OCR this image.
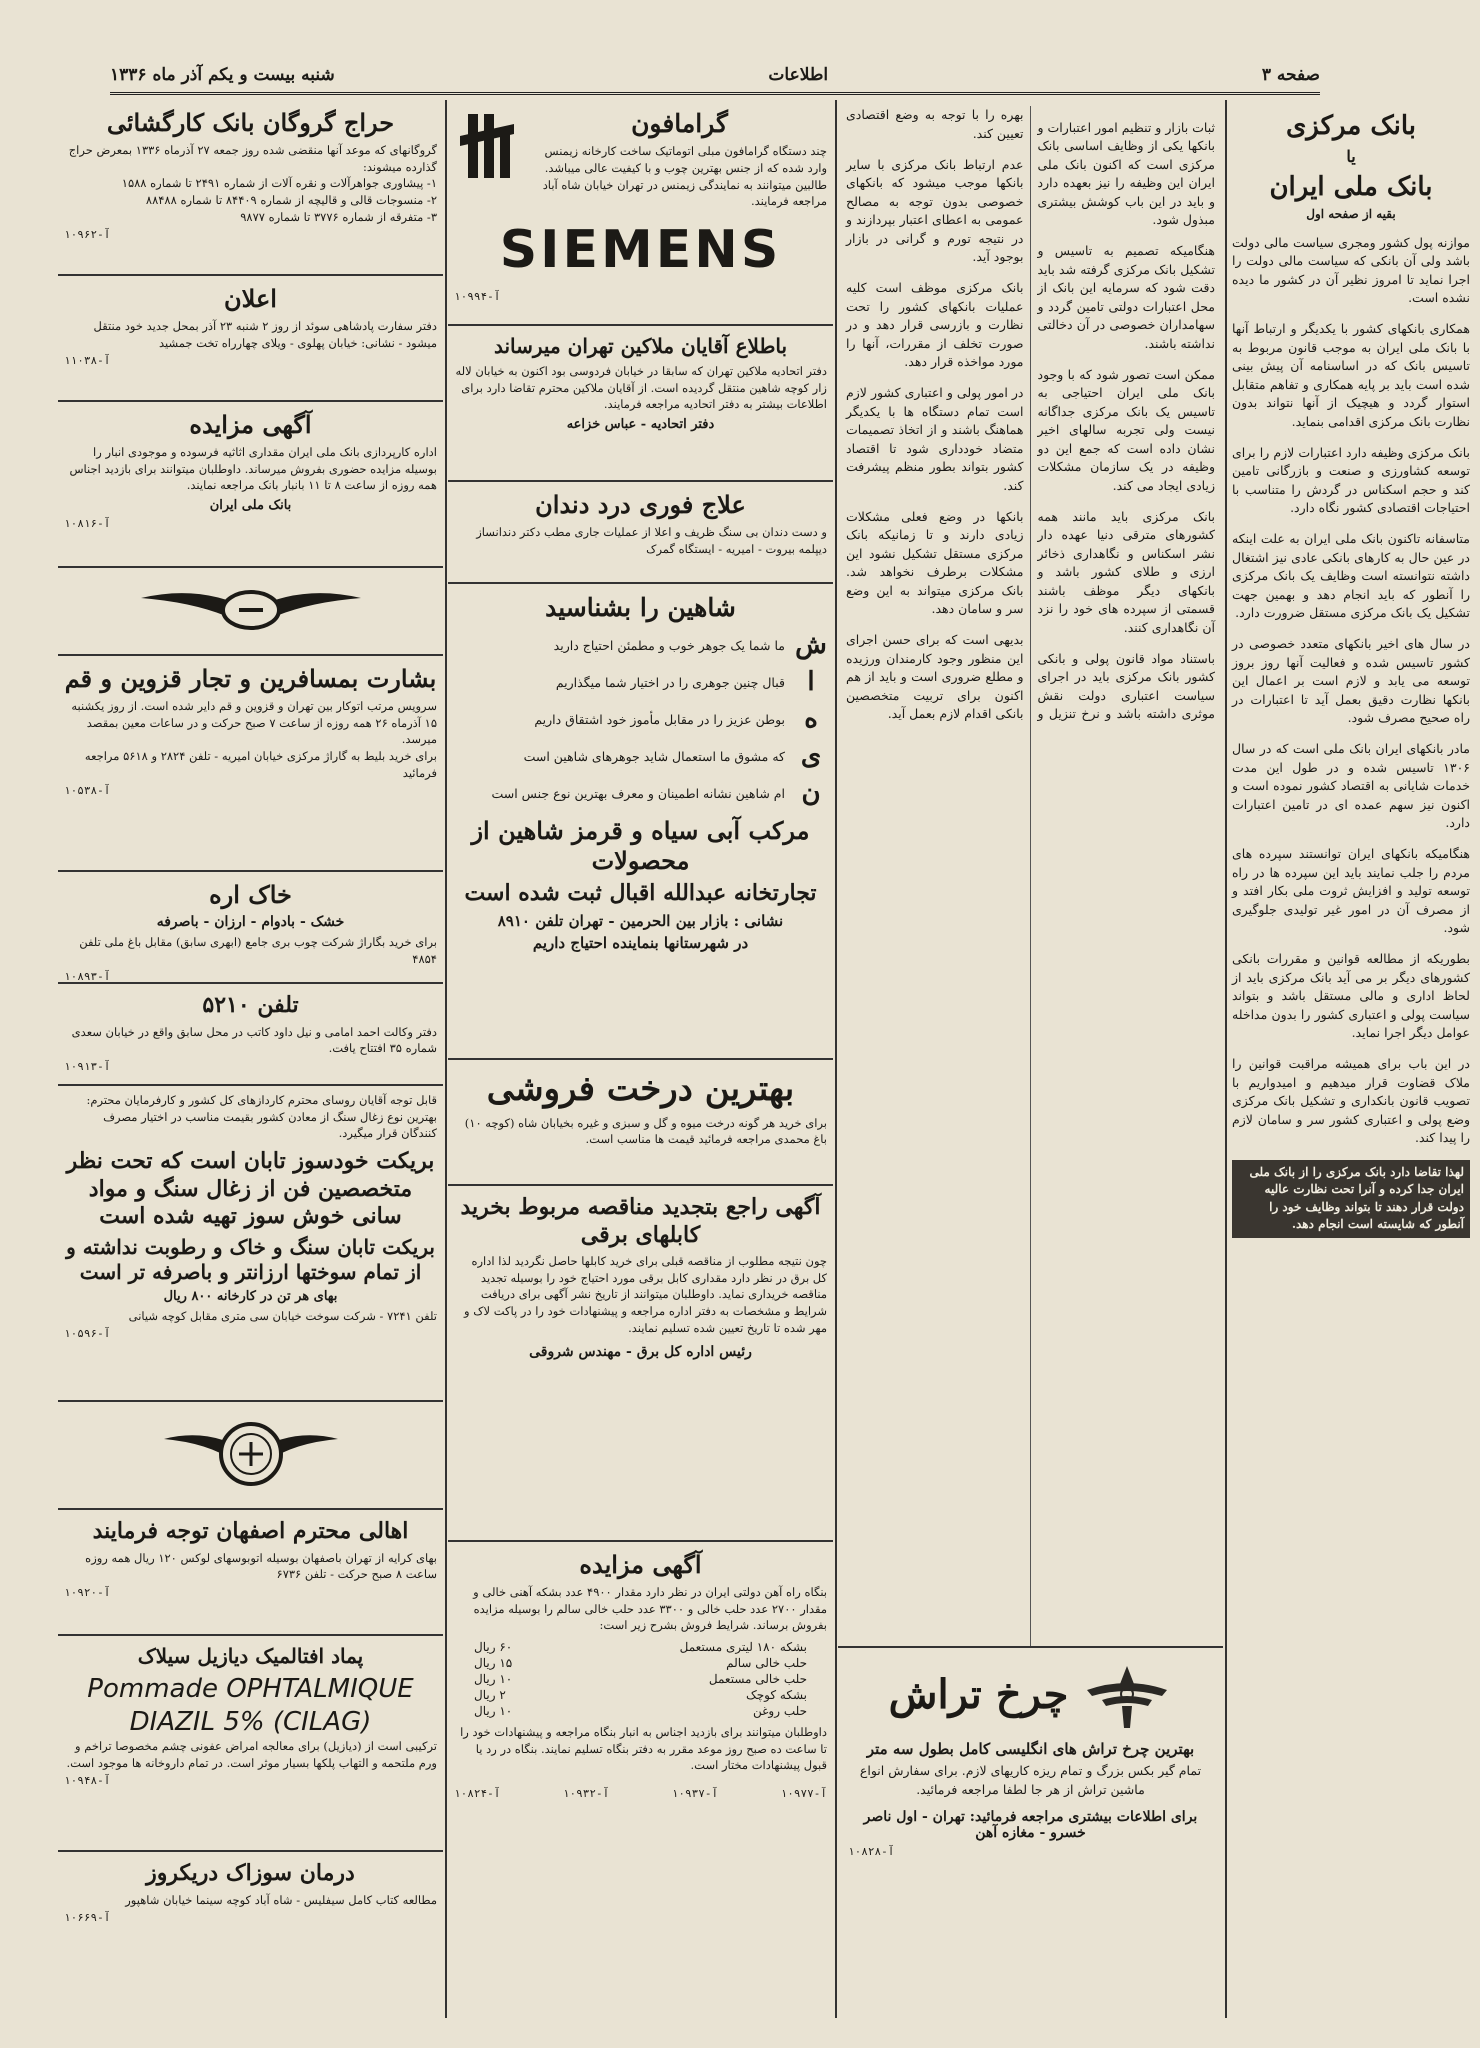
صفحه ۳
اطلاعات
شنبه بیست و یکم آذر ماه ۱۳۳۶
بانک مرکزی
یا
بانک ملی ایران
بقیه از صفحه اول

موازنه پول کشور ومجری سیاست مالی دولت باشد ولی آن بانکی که سیاست مالی دولت را اجرا نماید تا امروز نظیر آن در کشور ما دیده نشده است.

همکاری بانکهای کشور با یکدیگر و ارتباط آنها با بانک ملی ایران به موجب قانون مربوط به تاسیس بانک که در اساسنامه آن پیش بینی شده است باید بر پایه همکاری و تفاهم متقابل استوار گردد و هیچیک از آنها نتواند بدون نظارت بانک مرکزی اقدامی بنماید.

بانک مرکزی وظیفه دارد اعتبارات لازم را برای توسعه کشاورزی و صنعت و بازرگانی تامین کند و حجم اسکناس در گردش را متناسب با احتیاجات اقتصادی کشور نگاه دارد.

متاسفانه تاکنون بانک ملی ایران به علت اینکه در عین حال به کارهای بانکی عادی نیز اشتغال داشته نتوانسته است وظایف یک بانک مرکزی را آنطور که باید انجام دهد و بهمین جهت تشکیل یک بانک مرکزی مستقل ضرورت دارد.

در سال های اخیر بانکهای متعدد خصوصی در کشور تاسیس شده و فعالیت آنها روز بروز توسعه می یابد و لازم است بر اعمال این بانکها نظارت دقیق بعمل آید تا اعتبارات در راه صحیح مصرف شود.

مادر بانکهای ایران بانک ملی است که در سال ۱۳۰۶ تاسیس شده و در طول این مدت خدمات شایانی به اقتصاد کشور نموده است و اکنون نیز سهم عمده ای در تامین اعتبارات دارد.

هنگامیکه بانکهای ایران توانستند سپرده های مردم را جلب نمایند باید این سپرده ها در راه توسعه تولید و افزایش ثروت ملی بکار افتد و از مصرف آن در امور غیر تولیدی جلوگیری شود.

بطوریکه از مطالعه قوانین و مقررات بانکی کشورهای دیگر بر می آید بانک مرکزی باید از لحاظ اداری و مالی مستقل باشد و بتواند سیاست پولی و اعتباری کشور را بدون مداخله عوامل دیگر اجرا نماید.

در این باب برای همیشه مراقبت قوانین را ملاک قضاوت قرار میدهیم و امیدواریم با تصویب قانون بانکداری و تشکیل بانک مرکزی وضع پولی و اعتباری کشور سر و سامان لازم را پیدا کند.

لهذا تقاضا دارد بانک مرکزی را از بانک ملی ایران جدا کرده و آنرا تحت نظارت عالیه دولت قرار دهند تا بتواند وظایف خود را آنطور که شایسته است انجام دهد.

ثبات بازار و تنظیم امور اعتبارات و بانکها یکی از وظایف اساسی بانک مرکزی است که اکنون بانک ملی ایران این وظیفه را نیز بعهده دارد و باید در این باب کوشش بیشتری مبذول شود.

هنگامیکه تصمیم به تاسیس و تشکیل بانک مرکزی گرفته شد باید دقت شود که سرمایه این بانک از محل اعتبارات دولتی تامین گردد و سهامداران خصوصی در آن دخالتی نداشته باشند.

ممکن است تصور شود که با وجود بانک ملی ایران احتیاجی به تاسیس یک بانک مرکزی جداگانه نیست ولی تجربه سالهای اخیر نشان داده است که جمع این دو وظیفه در یک سازمان مشکلات زیادی ایجاد می کند.

بانک مرکزی باید مانند همه کشورهای مترقی دنیا عهده دار نشر اسکناس و نگاهداری ذخائر ارزی و طلای کشور باشد و بانکهای دیگر موظف باشند قسمتی از سپرده های خود را نزد آن نگاهداری کنند.

باستناد مواد قانون پولی و بانکی کشور بانک مرکزی باید در اجرای سیاست اعتباری دولت نقش موثری داشته باشد و نرخ تنزیل و بهره را با توجه به وضع اقتصادی تعیین کند.

عدم ارتباط بانک مرکزی با سایر بانکها موجب میشود که بانکهای خصوصی بدون توجه به مصالح عمومی به اعطای اعتبار بپردازند و در نتیجه تورم و گرانی در بازار بوجود آید.

بانک مرکزی موظف است کلیه عملیات بانکهای کشور را تحت نظارت و بازرسی قرار دهد و در صورت تخلف از مقررات، آنها را مورد مواخذه قرار دهد.

در امور پولی و اعتباری کشور لازم است تمام دستگاه ها با یکدیگر هماهنگ باشند و از اتخاذ تصمیمات متضاد خودداری شود تا اقتصاد کشور بتواند بطور منظم پیشرفت کند.

بانکها در وضع فعلی مشکلات زیادی دارند و تا زمانیکه بانک مرکزی مستقل تشکیل نشود این مشکلات برطرف نخواهد شد. بانک مرکزی میتواند به این وضع سر و سامان دهد.

بدیهی است که برای حسن اجرای این منظور وجود کارمندان ورزیده و مطلع ضروری است و باید از هم اکنون برای تربیت متخصصین بانکی اقدام لازم بعمل آید.

چرخ تراش
بهترین چرخ تراش های انگلیسی کامل بطول سه متر
تمام گیر بکس بزرگ و تمام ریزه کاریهای لازم. برای سفارش انواع ماشین تراش از هر جا لطفا مراجعه فرمائید.
برای اطلاعات بیشتری مراجعه فرمائید: تهران - اول ناصر خسرو - مغازه آهن
آ-۱۰۸۲۸
گرامافون
چند دستگاه گرامافون مبلی اتوماتیک ساخت کارخانه زیمنس وارد شده که از جنس بهترین چوب و با کیفیت عالی میباشد. طالبین میتوانند به نمایندگی زیمنس در تهران خیابان شاه آباد مراجعه فرمایند.
SIEMENS
آ-۱۰۹۹۴
باطلاع آقایان ملاکین تهران میرساند
دفتر اتحادیه ملاکین تهران که سابقا در خیابان فردوسی بود اکنون به خیابان لاله زار کوچه شاهین منتقل گردیده است. از آقایان ملاکین محترم تقاضا دارد برای اطلاعات بیشتر به دفتر اتحادیه مراجعه فرمایند.
دفتر اتحادیه - عباس خزاعه
علاج فوری درد دندان
و دست دندان بی سنگ ظریف و اعلا از عملیات جاری مطب دکتر دندانساز دیپلمه بیروت - امیریه - ایستگاه گمرک
شاهین را بشناسید
ش
ما شما یک جوهر خوب و مطمئن احتیاج دارید
ا
قبال چنین جوهری را در اختیار شما میگذاریم
ه
بوطن عزیز را در مقابل مأموز خود اشتقاق داریم
ی
که مشوق ما استعمال شاید جوهرهای شاهین است
ن
ام شاهین نشانه اطمینان و معرف بهترین نوع جنس است
مرکب آبی سیاه و قرمز شاهین از محصولات
تجارتخانه عبدالله اقبال ثبت شده است
نشانی : بازار بین الحرمین - تهران تلفن ۸۹۱۰
در شهرستانها بنماینده احتیاج داریم
بهترین درخت فروشی
برای خرید هر گونه درخت میوه و گل و سبزی و غیره بخیابان شاه (کوچه ۱۰) باغ محمدی مراجعه فرمائید قیمت ها مناسب است.
آگهی راجع بتجدید مناقصه مربوط بخرید کابلهای برقی
چون نتیجه مطلوب از مناقصه قبلی برای خرید کابلها حاصل نگردید لذا اداره کل برق در نظر دارد مقداری کابل برقی مورد احتیاج خود را بوسیله تجدید مناقصه خریداری نماید. داوطلبان میتوانند از تاریخ نشر آگهی برای دریافت شرایط و مشخصات به دفتر اداره مراجعه و پیشنهادات خود را در پاکت لاک و مهر شده تا تاریخ تعیین شده تسلیم نمایند.
رئیس اداره کل برق - مهندس شروقی
آگهی مزایده
بنگاه راه آهن دولتی ایران در نظر دارد مقدار ۴۹۰۰ عدد بشکه آهنی خالی و مقدار ۲۷۰۰ عدد حلب خالی و ۳۳۰۰ عدد حلب خالی سالم را بوسیله مزایده بفروش برساند. شرایط فروش بشرح زیر است:
بشکه ۱۸۰ لیتری مستعمل
۶۰ ریال
حلب خالی سالم
۱۵ ریال
حلب خالی مستعمل
۱۰ ریال
بشکه کوچک
۲ ریال
حلب روغن
۱۰ ریال
داوطلبان میتوانند برای بازدید اجناس به انبار بنگاه مراجعه و پیشنهادات خود را تا ساعت ده صبح روز موعد مقرر به دفتر بنگاه تسلیم نمایند. بنگاه در رد یا قبول پیشنهادات مختار است.
آ-۱۰۹۷۷
آ-۱۰۹۳۷
آ-۱۰۹۳۲
آ-۱۰۸۲۴
حراج گروگان بانک کارگشائی
گروگانهای که موعد آنها منقضی شده روز جمعه ۲۷ آذرماه ۱۳۳۶ بمعرض حراج گذارده میشوند:
۱- پیشاوری جواهرآلات و نقره آلات از شماره ۲۴۹۱ تا شماره ۱۵۸۸
۲- منسوجات قالی و قالیچه از شماره ۸۴۴۰۹ تا شماره ۸۸۴۸۸
۳- متفرقه از شماره ۳۷۷۶ تا شماره ۹۸۷۷
آ-۱۰۹۶۲
اعلان
دفتر سفارت پادشاهی سوئد از روز ۲ شنبه ۲۳ آذر بمحل جدید خود منتقل میشود - نشانی: خیابان پهلوی - ویلای چهارراه تخت جمشید
آ-۱۱۰۳۸
آگهی مزایده
اداره کارپردازی بانک ملی ایران مقداری اثاثیه فرسوده و موجودی انبار را بوسیله مزایده حضوری بفروش میرساند. داوطلبان میتوانند برای بازدید اجناس همه روزه از ساعت ۸ تا ۱۱ بانبار بانک مراجعه نمایند.
بانک ملی ایران
آ-۱۰۸۱۶
بشارت بمسافرین و تجار قزوین و قم
سرویس مرتب اتوکار بین تهران و قزوین و قم دایر شده است. از روز یکشنبه ۱۵ آذرماه ۲۶ همه روزه از ساعت ۷ صبح حرکت و در ساعات معین بمقصد میرسد.
برای خرید بلیط به گاراژ مرکزی خیابان امیریه - تلفن ۲۸۲۴ و ۵۶۱۸ مراجعه فرمائید
آ-۱۰۵۳۸
خاک اره
خشک - بادوام - ارزان - باصرفه
برای خرید بگاراژ شرکت چوب بری جامع (ابهری سابق) مقابل باغ ملی تلفن ۴۸۵۴
آ-۱۰۸۹۳
تلفن ۵۲۱۰
دفتر وکالت احمد امامی و نیل داود کاتب در محل سابق واقع در خیابان سعدی شماره ۳۵ افتتاح یافت.
آ-۱۰۹۱۳
قابل توجه آقایان روسای محترم کاردازهای کل کشور و کارفرمایان محترم: بهترین نوع زغال سنگ از معادن کشور بقیمت مناسب در اختیار مصرف کنندگان قرار میگیرد.
بریکت خودسوز تابان است که تحت نظر متخصصین فن از زغال سنگ و مواد سانی خوش سوز تهیه شده است
بریکت تابان سنگ و خاک و رطوبت نداشته و از تمام سوختها ارزانتر و باصرفه تر است
بهای هر تن در کارخانه ۸۰۰ ریال
تلفن ۷۲۴۱ - شرکت سوخت خیابان سی متری مقابل کوچه شیانی
آ-۱۰۵۹۶
اهالی محترم اصفهان توجه فرمایند
بهای کرایه از تهران باصفهان بوسیله اتوبوسهای لوکس ۱۲۰ ریال همه روزه ساعت ۸ صبح حرکت - تلفن ۶۷۳۶
آ-۱۰۹۲۰
پماد افتالمیک دیازیل سیلاک
Pommade OPHTALMIQUE
DIAZIL 5% (CILAG)
ترکیبی است از (دیازیل) برای معالجه امراض عفونی چشم مخصوصا تراخم و ورم ملتحمه و التهاب پلکها بسیار موثر است. در تمام داروخانه ها موجود است.
آ-۱۰۹۴۸
درمان سوزاک دریکروز
مطالعه کتاب کامل سیفلیس - شاه آباد کوچه سینما خیابان شاهپور
آ-۱۰۶۶۹
